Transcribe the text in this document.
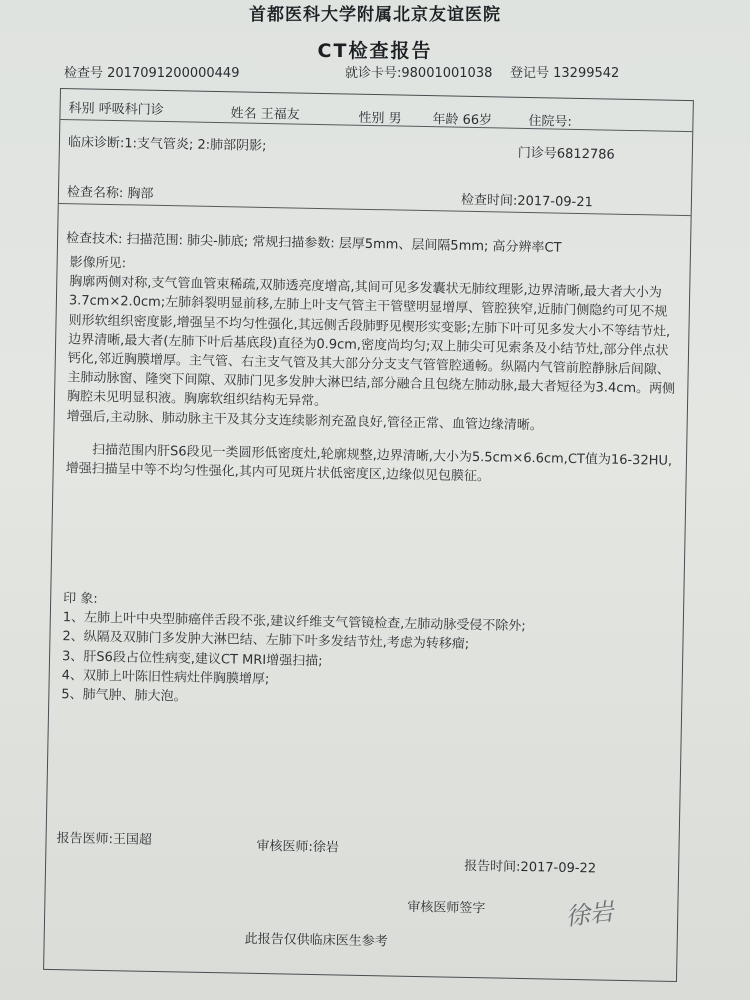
首都医科大学附属北京友谊医院
CT检查报告
检查号 2017091200000449	就诊卡号:98001001038 登记号 13299542
科别 呼吸科门诊	姓名 王福友	性别 男 年龄 66岁	住院号:
临床诊断:1:支气管炎; 2:肺部阴影;
门诊号6812786
检查名称: 胸部	检查时间:2017-09-21
检查技术: 扫描范围: 肺尖-肺底; 常规扫描参数: 层厚5mm、层间隔5mm; 高分辨率CT

影像所见:

胸廓两侧对称,支气管血管束稀疏,双肺透亮度增高,其间可见多发囊状无肺纹理影,边界清晰,最大者大小为3.7cm×2.0cm;左肺斜裂明显前移,左肺上叶支气管主干管壁明显增厚、管腔狭窄,近肺门侧隐约可见不规则形软组织密度影,增强呈不均匀性强化,其远侧舌段肺野见楔形实变影;左肺下叶可见多发大小不等结节灶,边界清晰,最大者(左肺下叶后基底段)直径为0.9cm,密度尚均匀;双上肺尖可见索条及小结节灶,部分伴点状钙化,邻近胸膜增厚。主气管、右主支气管及其大部分分支支气管管腔通畅。纵隔内气管前腔静脉后间隙、主肺动脉窗、隆突下间隙、双肺门见多发肿大淋巴结,部分融合且包绕左肺动脉,最大者短径为3.4cm。两侧胸腔未见明显积液。胸廓软组织结构无异常。

增强后,主动脉、肺动脉主干及其分支连续影剂充盈良好,管径正常、血管边缘清晰。

扫描范围内肝S6段见一类圆形低密度灶,轮廓规整,边界清晰,大小为5.5cm×6.6cm,CT值为16-32HU,增强扫描呈中等不均匀性强化,其内可见斑片状低密度区,边缘似见包膜征。

印 象:

1、左肺上叶中央型肺癌伴舌段不张,建议纤维支气管镜检查,左肺动脉受侵不除外;

2、纵隔及双肺门多发肿大淋巴结、左肺下叶多发结节灶,考虑为转移瘤;

3、肝S6段占位性病变,建议CT MRI增强扫描;

4、双肺上叶陈旧性病灶伴胸膜增厚;

5、肺气肿、肺大泡。

报告医师:王国超	审核医师:徐岩
报告时间:2017-09-22
审核医师签字	徐岩
此报告仅供临床医生参考
